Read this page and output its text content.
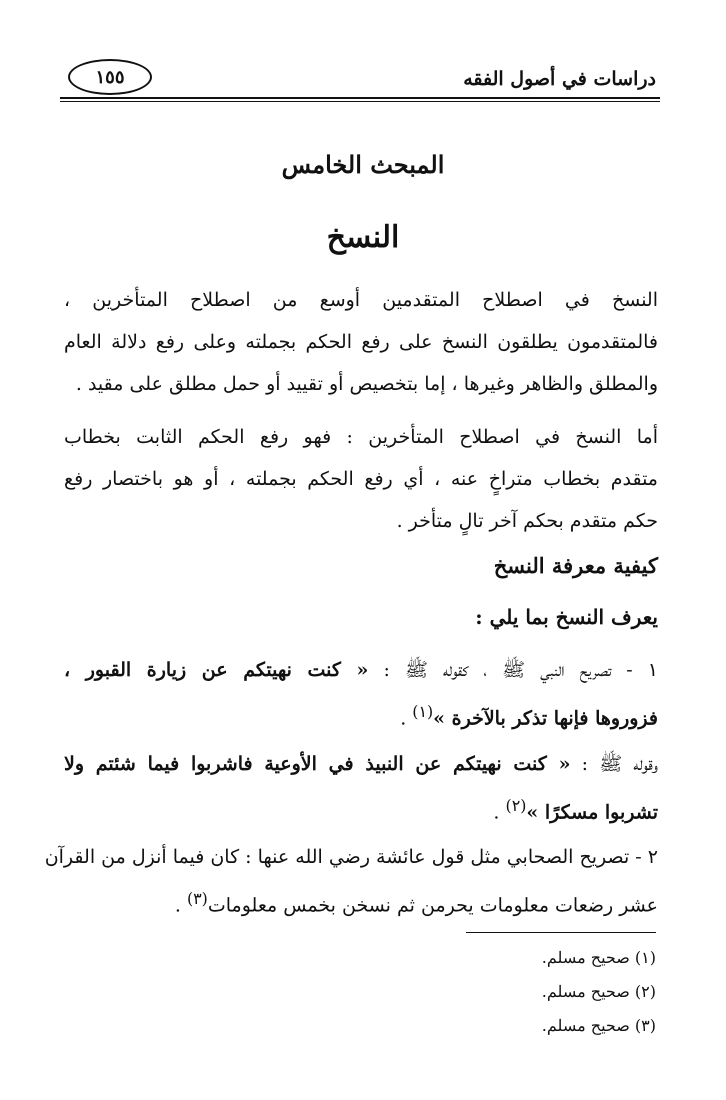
دراسات في أصول الفقه
١٥٥
المبحث الخامس
النسخ
النسخ في اصطلاح المتقدمين أوسع من اصطلاح المتأخرين ،
فالمتقدمون يطلقون النسخ على رفع الحكم بجملته وعلى رفع دلالة العام
والمطلق والظاهر وغيرها ، إما بتخصيص أو تقييد أو حمل مطلق على مقيد .
أما النسخ في اصطلاح المتأخرين : فهو رفع الحكم الثابت بخطاب
متقدم بخطاب متراخٍ عنه ، أي رفع الحكم بجملته ، أو هو باختصار رفع
حكم متقدم بحكم آخر تالٍ متأخر .
كيفية معرفة النسخ
يعرف النسخ بما يلي :
١ - تصريح النبي ﷺ ، كقوله ﷺ : « كنت نهيتكم عن زيارة القبور ،
فزوروها فإنها تذكر بالآخرة »$^{(١)}$ .
وقوله ﷺ : « كنت نهيتكم عن النبيذ في الأوعية فاشربوا فيما شئتم ولا
تشربوا مسكرًا »$^{(٢)}$ .
٢ - تصريح الصحابي مثل قول عائشة رضي الله عنها : كان فيما أنزل من القرآن
عشر رضعات معلومات يحرمن ثم نسخن بخمس معلومات$^{(٣)}$ .
(١) صحيح مسلم.
(٢) صحيح مسلم.
(٣) صحيح مسلم.
